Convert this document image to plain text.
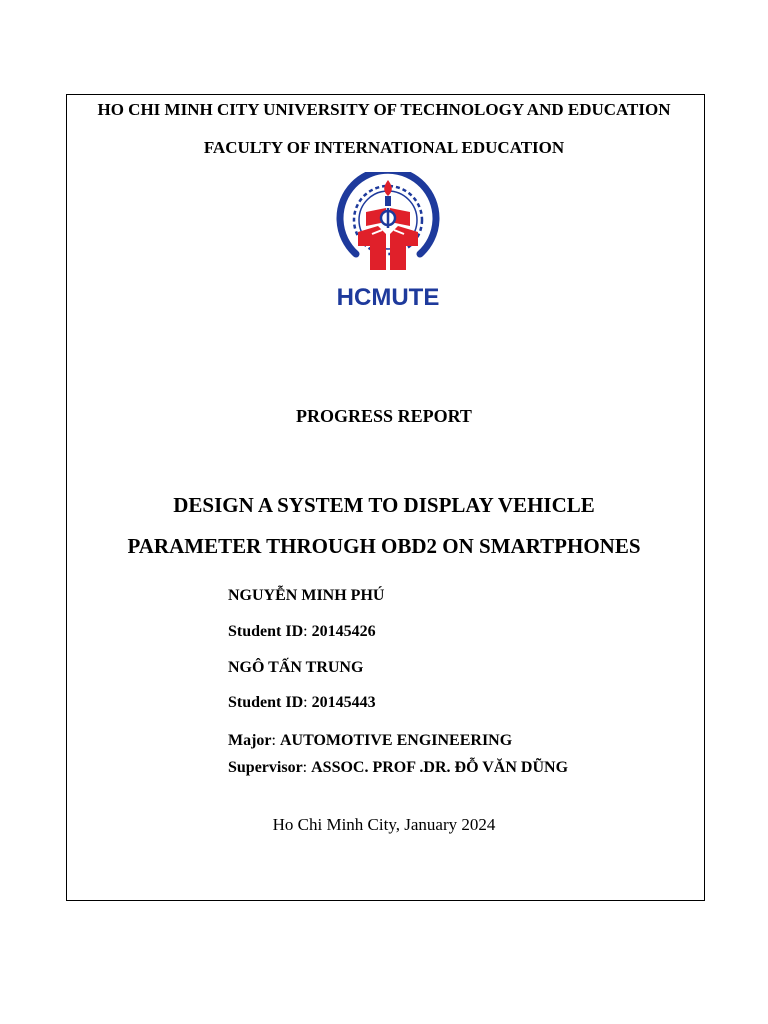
HO CHI MINH CITY UNIVERSITY OF TECHNOLOGY AND EDUCATION
FACULTY OF INTERNATIONAL EDUCATION
HCMUTE
PROGRESS REPORT
DESIGN A SYSTEM TO DISPLAY VEHICLE
PARAMETER THROUGH OBD2 ON SMARTPHONES
NGUYỄN MINH PHÚ
Student ID: 20145426
NGÔ TẤN TRUNG
Student ID: 20145443
Major: AUTOMOTIVE ENGINEERING
Supervisor: ASSOC. PROF .DR. ĐỖ VĂN DŨNG
Ho Chi Minh City, January 2024
